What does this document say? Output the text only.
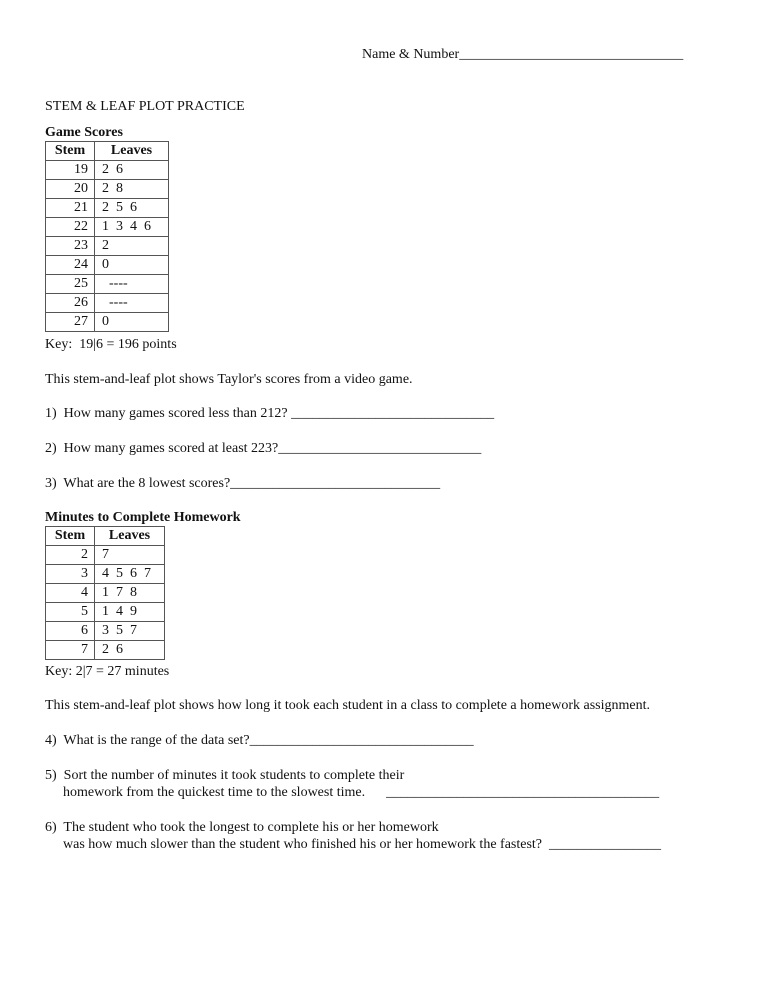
Name & Number________________________________
STEM & LEAF PLOT PRACTICE
Game Scores
Stem	Leaves
19	2  6
20	2  8
21	2  5  6
22	1  3  4  6
23	2
24	0
25	----
26	----
27	0
Key:  19|6 = 196 points
This stem-and-leaf plot shows Taylor's scores from a video game.
1)  How many games scored less than 212? _____________________________
2)  How many games scored at least 223?_____________________________
3)  What are the 8 lowest scores?______________________________
Minutes to Complete Homework
Stem	Leaves
2	7
3	4  5  6  7
4	1  7  8
5	1  4  9
6	3  5  7
7	2  6
Key: 2|7 = 27 minutes
This stem-and-leaf plot shows how long it took each student in a class to complete a homework assignment.
4)  What is the range of the data set?________________________________
5)  Sort the number of minutes it took students to complete their
homework from the quickest time to the slowest time.      _______________________________________
6)  The student who took the longest to complete his or her homework
was how much slower than the student who finished his or her homework the fastest?  ________________
